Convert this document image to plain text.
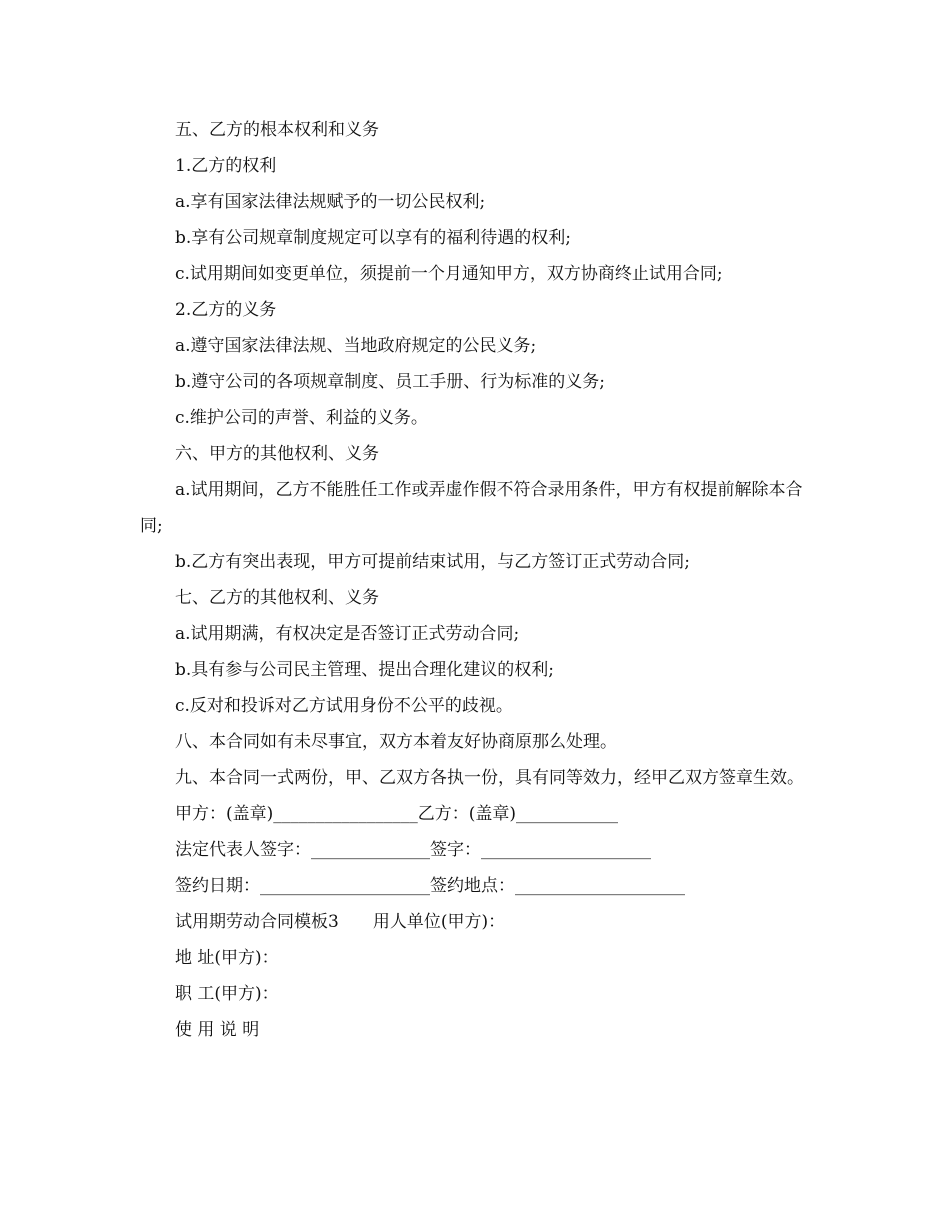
五、乙方的根本权利和义务
1.乙方的权利
a.享有国家法律法规赋予的一切公民权利;
b.享有公司规章制度规定可以享有的福利待遇的权利;
c.试用期间如变更单位，须提前一个月通知甲方，双方协商终止试用合同;
2.乙方的义务
a.遵守国家法律法规、当地政府规定的公民义务;
b.遵守公司的各项规章制度、员工手册、行为标准的义务;
c.维护公司的声誉、利益的义务。
六、甲方的其他权利、义务
a.试用期间，乙方不能胜任工作或弄虚作假不符合录用条件，甲方有权提前解除本合同;
b.乙方有突出表现，甲方可提前结束试用，与乙方签订正式劳动合同;
七、乙方的其他权利、义务
a.试用期满，有权决定是否签订正式劳动合同;
b.具有参与公司民主管理、提出合理化建议的权利;
c.反对和投诉对乙方试用身份不公平的歧视。
八、本合同如有未尽事宜，双方本着友好协商原那么处理。
九、本合同一式两份，甲、乙双方各执一份，具有同等效力，经甲乙双方签章生效。
甲方：(盖章)_________________乙方：(盖章)____________
法定代表人签字：______________签字：____________________
签约日期：____________________签约地点：____________________
试用期劳动合同模板3　　用人单位(甲方)：
地 址(甲方)：
职 工(甲方)：
使 用 说 明
